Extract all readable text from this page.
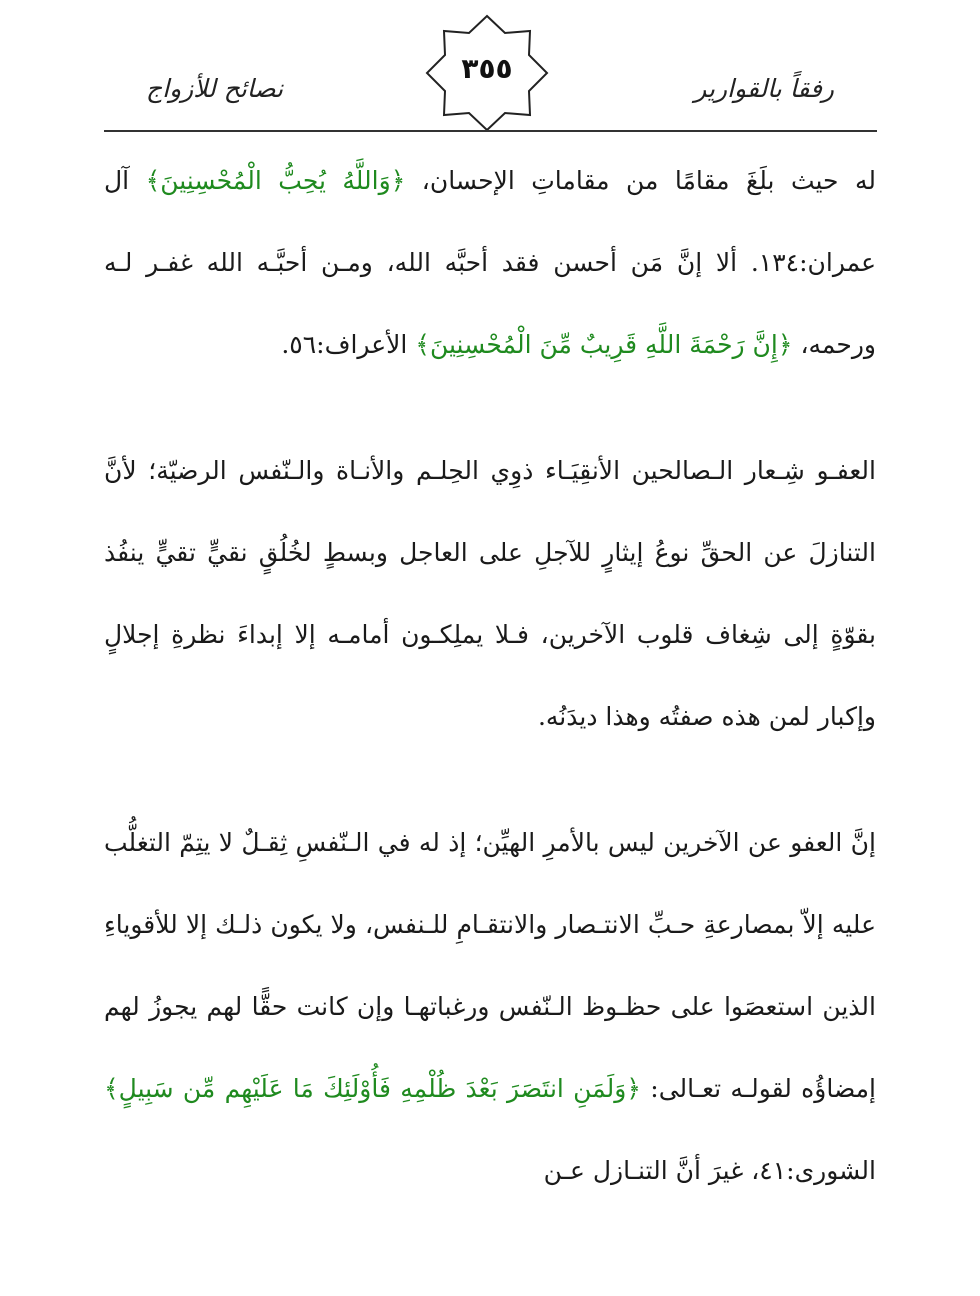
رفقاً بالقوارير
٣٥٥
نصائح للأزواج

له حيث بلَغَ مقامًا من مقاماتِ الإحسان، ﴿وَاللَّهُ يُحِبُّ الْمُحْسِنِينَ﴾ آل عمران:١٣٤. ألا إنَّ مَن أحسن فقد أحبَّه الله، ومـن أحبَّـه الله غفـر لـه ورحمه، ﴿إِنَّ رَحْمَةَ اللَّهِ قَرِيبٌ مِّنَ الْمُحْسِنِينَ﴾ الأعراف:٥٦.

العفـو شِـعار الـصالحين الأنقِيَـاء ذوِي الحِلـم والأنـاة والـنّفس الرضيّة؛ لأنَّ التنازلَ عن الحقِّ نوعُ إيثارٍ للآجلِ على العاجل وبسطٍ لخُلُقٍ نقيٍّ تقيٍّ ينفُذ بقوّةٍ إلى شِغاف قلوب الآخرين، فـلا يملِكـون أمامـه إلا إبداءَ نظرةِ إجلالٍ وإكبار لمن هذه صفتُه وهذا ديدَنُه.

إنَّ العفو عن الآخرين ليس بالأمرِ الهيِّن؛ إذ له في الـنّفسِ ثِقـلٌ لا يتِمّ التغلُّب عليه إلاّ بمصارعةِ حـبِّ الانتـصار والانتقـامِ للـنفس، ولا يكون ذلـك إلا للأقوياءِ الذين استعصَوا على حظـوظ الـنّفس ورغباتهـا وإن كانت حقًّا لهم يجوزُ لهم إمضاؤُه لقولـه تعـالى: ﴿وَلَمَنِ انتَصَرَ بَعْدَ ظُلْمِهِ فَأُوْلَئِكَ مَا عَلَيْهِم مِّن سَبِيلٍ﴾ الشورى:٤١، غيرَ أنَّ التنـازل عـن
